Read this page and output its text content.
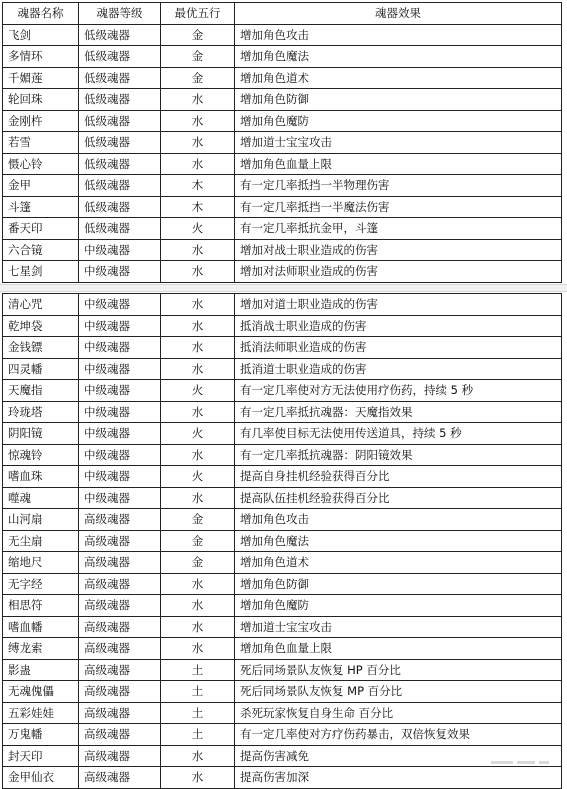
魂器名称	魂器等级	最优五行	魂器效果
飞剑	低级魂器	金	增加角色攻击
多情环	低级魂器	金	增加角色魔法
千媚莲	低级魂器	金	增加角色道术
轮回珠	低级魂器	水	增加角色防御
金刚杵	低级魂器	水	增加角色魔防
若雪	低级魂器	水	增加道士宝宝攻击
慑心铃	低级魂器	水	增加角色血量上限
金甲	低级魂器	木	有一定几率抵挡一半物理伤害
斗篷	低级魂器	木	有一定几率抵挡一半魔法伤害
番天印	低级魂器	火	有一定几率抵抗金甲，斗篷
六合镜	中级魂器	水	增加对战士职业造成的伤害
七星剑	中级魂器	水	增加对法师职业造成的伤害
清心咒	中级魂器	水	增加对道士职业造成的伤害
乾坤袋	中级魂器	水	抵消战士职业造成的伤害
金钱镖	中级魂器	水	抵消法师职业造成的伤害
四灵幡	中级魂器	水	抵消道士职业造成的伤害
天魔指	中级魂器	火	有一定几率使对方无法使用疗伤药，持续 5 秒
玲珑塔	中级魂器	水	有一定几率抵抗魂器：天魔指效果
阴阳镜	中级魂器	火	有几率使目标无法使用传送道具，持续 5 秒
惊魂铃	中级魂器	水	有一定几率抵抗魂器：阴阳镜效果
嗜血珠	中级魂器	火	提高自身挂机经验获得百分比
噬魂	中级魂器	水	提高队伍挂机经验获得百分比
山河扇	高级魂器	金	增加角色攻击
无尘扇	高级魂器	金	增加角色魔法
缩地尺	高级魂器	金	增加角色道术
无字经	高级魂器	水	增加角色防御
相思符	高级魂器	水	增加角色魔防
嗜血幡	高级魂器	水	增加道士宝宝攻击
缚龙索	高级魂器	水	增加角色血量上限
影蛊	高级魂器	土	死后同场景队友恢复 HP 百分比
无魂傀儡	高级魂器	土	死后同场景队友恢复 MP 百分比
五彩娃娃	高级魂器	土	杀死玩家恢复自身生命 百分比
万鬼幡	高级魂器	土	有一定几率使对方疗伤药暴击，双倍恢复效果
封天印	高级魂器	水	提高伤害减免
金甲仙衣	高级魂器	水	提高伤害加深
